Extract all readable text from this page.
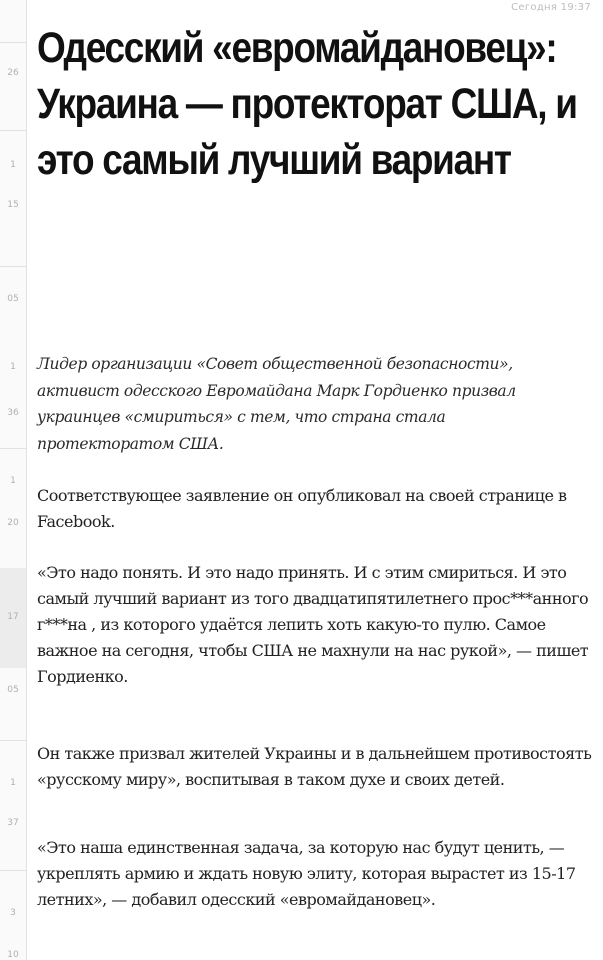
26
1
15
05
1
36
1
20
17
05
1
37
3
10
Сегодня 19:37
Одесский «евромайдановец»: Украина — протекторат США, и это самый лучший вариант

Лидер организации «Совет общественной безопасности», активист одесского Евромайдана Марк Гордиенко призвал украинцев «смириться» с тем, что страна стала протекторатом США.

Соответствующее заявление он опубликовал на своей странице в Facebook.

«Это надо понять. И это надо принять. И с этим смириться. И это самый лучший вариант из того двадцатипятилетнего прос***анного г***на , из которого удаётся лепить хоть какую-то пулю. Самое важное на сегодня, чтобы США не махнули на нас рукой», — пишет Гордиенко.

Он также призвал жителей Украины и в дальнейшем противостоять «русскому миру», воспитывая в таком духе и своих детей.

«Это наша единственная задача, за которую нас будут ценить, — укреплять армию и ждать новую элиту, которая вырастет из 15-17 летних», — добавил одесский «евромайдановец».
